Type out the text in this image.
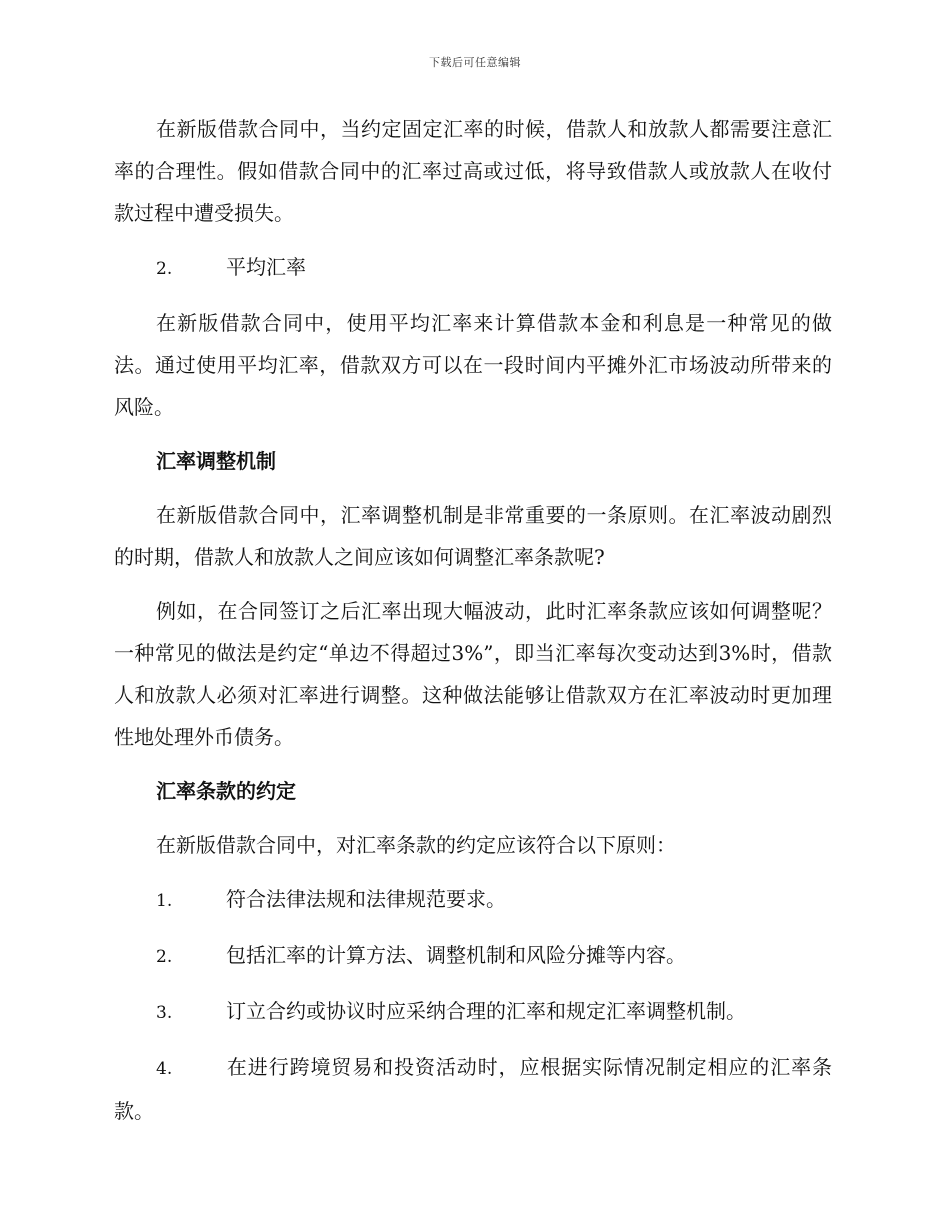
下载后可任意编辑

在新版借款合同中，当约定固定汇率的时候，借款人和放款人都需要注意汇率的合理性。假如借款合同中的汇率过高或过低，将导致借款人或放款人在收付款过程中遭受损失。

2.	平均汇率

在新版借款合同中，使用平均汇率来计算借款本金和利息是一种常见的做法。通过使用平均汇率，借款双方可以在一段时间内平摊外汇市场波动所带来的风险。

汇率调整机制

在新版借款合同中，汇率调整机制是非常重要的一条原则。在汇率波动剧烈的时期，借款人和放款人之间应该如何调整汇率条款呢?

例如，在合同签订之后汇率出现大幅波动，此时汇率条款应该如何调整呢？一种常见的做法是约定“单边不得超过3%”，即当汇率每次变动达到3%时，借款人和放款人必须对汇率进行调整。这种做法能够让借款双方在汇率波动时更加理性地处理外币债务。

汇率条款的约定

在新版借款合同中，对汇率条款的约定应该符合以下原则：

1.	符合法律法规和法律规范要求。

2.	包括汇率的计算方法、调整机制和风险分摊等内容。

3.	订立合约或协议时应采纳合理的汇率和规定汇率调整机制。

4.	在进行跨境贸易和投资活动时，应根据实际情况制定相应的汇率条款。
